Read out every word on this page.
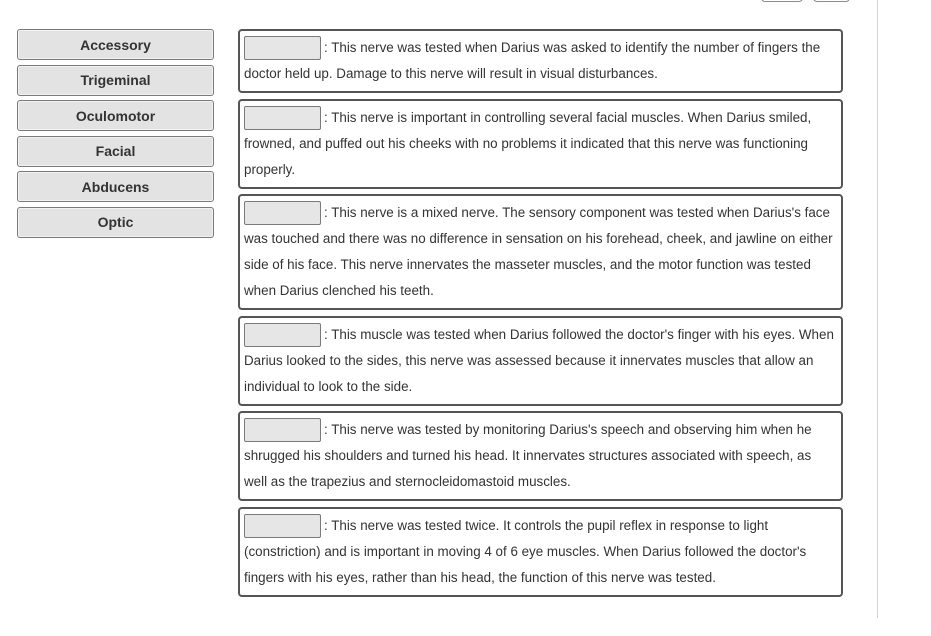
Accessory
Trigeminal
Oculomotor
Facial
Abducens
Optic
: This nerve was tested when Darius was asked to identify the number of fingers the doctor held up. Damage to this nerve will result in visual disturbances.
: This nerve is important in controlling several facial muscles. When Darius smiled, frowned, and puffed out his cheeks with no problems it indicated that this nerve was functioning properly.
: This nerve is a mixed nerve. The sensory component was tested when Darius's face was touched and there was no difference in sensation on his forehead, cheek, and jawline on either side of his face. This nerve innervates the masseter muscles, and the motor function was tested when Darius clenched his teeth.
: This muscle was tested when Darius followed the doctor's finger with his eyes. When Darius looked to the sides, this nerve was assessed because it innervates muscles that allow an individual to look to the side.
: This nerve was tested by monitoring Darius's speech and observing him when he shrugged his shoulders and turned his head. It innervates structures associated with speech, as well as the trapezius and sternocleidomastoid muscles.
: This nerve was tested twice. It controls the pupil reflex in response to light (constriction) and is important in moving 4 of 6 eye muscles. When Darius followed the doctor's fingers with his eyes, rather than his head, the function of this nerve was tested.
